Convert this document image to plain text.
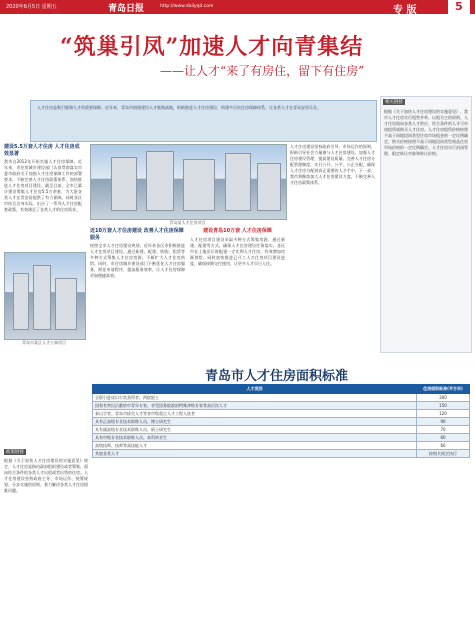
2020年6月5日 星期五	青岛日报	http://www.dailyqd.com	专 版	5
“筑巢引凤”加速人才向青集结
——让人才“来了有房住，留下有住房”
人才住房是吸引集聚人才的重要保障。近年来，青岛市围绕建设人才集聚高地，积极推进人才住房建设，构建多层次住房保障体系，让各类人才在青岛安居乐业。
相关链接
根据《关于加快人才住房建设的实施意见》，我市人才住房实行租售并举，以租为主的原则。人才住房面向各类人才供应，符合条件的人才可申请租赁或购买人才住房。人才住房租赁价格按照不高于同地段同类型住房市场租金的一定比例确定，购买价格按照不高于同地段同类型商品住房市场价格的一定比例确定。人才住房实行封闭管理，限定转让对象和转让价格。
建设5.5万套人才住房 人才住房成效显著
我市自2012年开始实施人才住房保障。近年来，市住房城乡建设部门认真贯彻落实市委市政府关于加强人才住房保障工作的部署要求，不断完善人才住房政策体系，加快推进人才住房项目建设。截至目前，全市已累计建设筹集人才住房5.5万余套，为大批各类人才在青安居提供了有力保障。同时各区市结合自身实际，出台了一系列人才住房配套政策，有效满足了各类人才的住房需求。
青岛市某区人才公寓项目
青岛某人才住房项目
近10万套人才住房建设 改善人才住房保障服务
按照全市人才住房建设规划，近年来各区市积极推进人才住房项目建设。通过新建、配建、收购、租赁等多种方式筹集人才住房房源，不断扩大人才住房供给。同时，市住房城乡建设部门不断优化人才住房服务，简化申请程序，提高服务效率，让人才住房保障更加便捷高效。
建设青岛10万套 人才住房保障
人才住房项目建设采取多种方式筹集房源，通过新建、配建等方式，确保人才住房建设任务落实。各区市在土地出让时配建一定比例人才住房，有效增加房源供给。同时加快推进已开工人才住房项目建设进度，确保按期交付使用，让更多人才早日入住。
人才住房建设坚持政府引导、市场运作的原则，积极引导社会力量参与人才住房建设。加强人才住房建设管理，提高建设质量。完善人才住房分配管理制度，实行公开、公平、公正分配，确保人才住房分配到真正需要的人才手中。下一步，我市将继续加大人才住房建设力度，不断完善人才住房政策体系。
政策链接
根据《关于加快人才住房建设的实施意见》规定，人才住房是指由政府组织建设或者筹集，面向符合条件的各类人才出租或者出售的住房。人才住房建设坚持政府主导、市场运作、统筹规划、分步实施的原则，着力解决各类人才住房困难问题。
青岛市人才住房面积标准
人才类别	住房面积标准(平方米)
全职引进诺贝尔奖获得者、两院院士	300
国家有突出贡献的中青年专家、享受国务院政府特殊津贴专家等高层次人才	150
泰山学者、青岛市拔尖人才等省市级重点人才工程入选者	120
具有正高级专业技术职称人员、博士研究生	90
具有副高级专业技术职称人员、硕士研究生	70
具有中级专业技术职称人员、本科毕业生	60
高级技师、技师等高技能人才	60
其他各类人才	按相关规定执行
